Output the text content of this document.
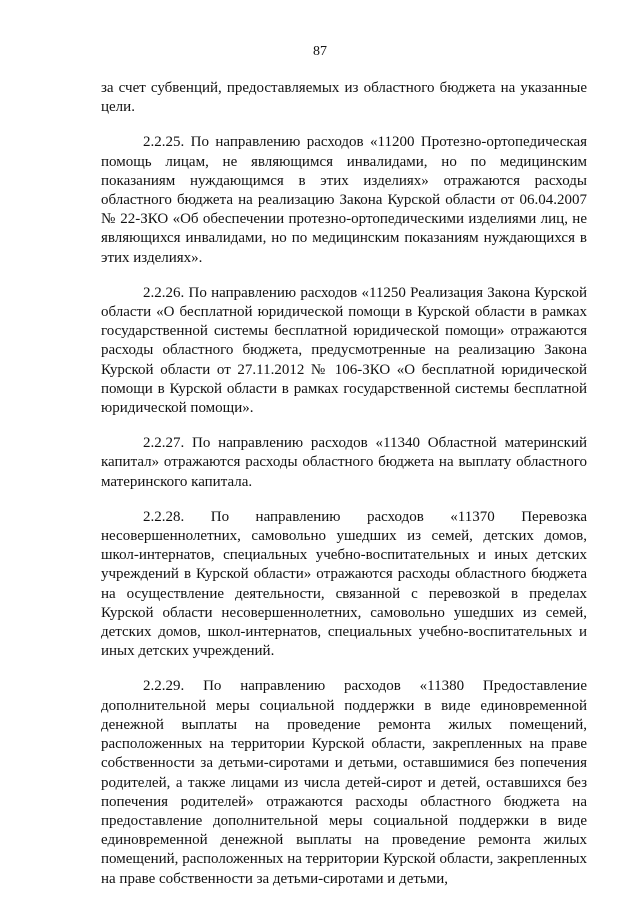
87

за счет субвенций, предоставляемых из областного бюджета на указанные цели.

2.2.25. По направлению расходов «11200 Протезно-ортопедическая помощь лицам, не являющимся инвалидами, но по медицинским показаниям нуждающимся в этих изделиях» отражаются расходы областного бюджета на реализацию Закона Курской области от 06.04.2007 № 22-ЗКО «Об обеспечении протезно-ортопедическими изделиями лиц, не являющихся инвалидами, но по медицинским показаниям нуждающихся в этих изделиях».

2.2.26. По направлению расходов «11250 Реализация Закона Курской области «О бесплатной юридической помощи в Курской области в рамках государственной системы бесплатной юридической помощи» отражаются расходы областного бюджета, предусмотренные на реализацию Закона Курской области от 27.11.2012 № 106-ЗКО «О бесплатной юридической помощи в Курской области в рамках государственной системы бесплатной юридической помощи».

2.2.27. По направлению расходов «11340 Областной материнский капитал» отражаются расходы областного бюджета на выплату областного материнского капитала.

2.2.28. По направлению расходов «11370 Перевозка несовершеннолетних, самовольно ушедших из семей, детских домов, школ-интернатов, специальных учебно-воспитательных и иных детских учреждений в Курской области» отражаются расходы областного бюджета на осуществление деятельности, связанной с перевозкой в пределах Курской области несовершеннолетних, самовольно ушедших из семей, детских домов, школ-интернатов, специальных учебно-воспитательных и иных детских учреждений.

2.2.29. По направлению расходов «11380 Предоставление дополнительной меры социальной поддержки в виде единовременной денежной выплаты на проведение ремонта жилых помещений, расположенных на территории Курской области, закрепленных на праве собственности за детьми-сиротами и детьми, оставшимися без попечения родителей, а также лицами из числа детей-сирот и детей, оставшихся без попечения родителей» отражаются расходы областного бюджета на предоставление дополнительной меры социальной поддержки в виде единовременной денежной выплаты на проведение ремонта жилых помещений, расположенных на территории Курской области, закрепленных на праве собственности за детьми-сиротами и детьми,
